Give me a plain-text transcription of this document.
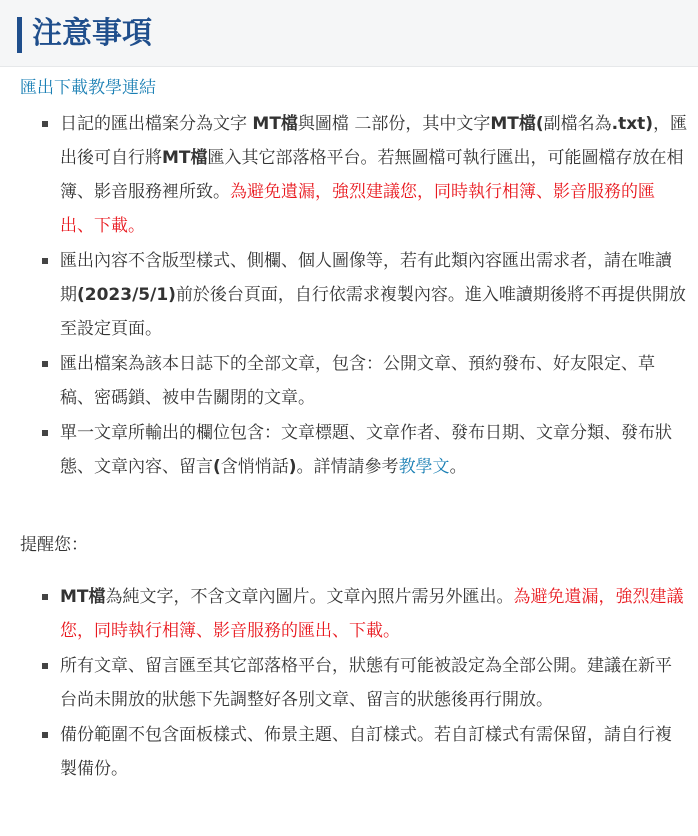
注意事項
匯出下載教學連結
日記的匯出檔案分為文字 MT檔與圖檔 二部份，其中文字MT檔(副檔名為.txt)，匯出後可自行將MT檔匯入其它部落格平台。若無圖檔可執行匯出，可能圖檔存放在相簿、影音服務裡所致。為避免遺漏，強烈建議您，同時執行相簿、影音服務的匯出、下載。
匯出內容不含版型樣式、側欄、個人圖像等，若有此類內容匯出需求者，請在唯讀期(2023/5/1)前於後台頁面，自行依需求複製內容。進入唯讀期後將不再提供開放至設定頁面。
匯出檔案為該本日誌下的全部文章，包含：公開文章、預約發布、好友限定、草稿、密碼鎖、被申告關閉的文章。
單一文章所輸出的欄位包含：文章標題、文章作者、發布日期、文章分類、發布狀態、文章內容、留言(含悄悄話)。詳情請參考教學文。
提醒您：
MT檔為純文字，不含文章內圖片。文章內照片需另外匯出。為避免遺漏，強烈建議您，同時執行相簿、影音服務的匯出、下載。
所有文章、留言匯至其它部落格平台，狀態有可能被設定為全部公開。建議在新平台尚未開放的狀態下先調整好各別文章、留言的狀態後再行開放。
備份範圍不包含面板樣式、佈景主題、自訂樣式。若自訂樣式有需保留，請自行複製備份。
